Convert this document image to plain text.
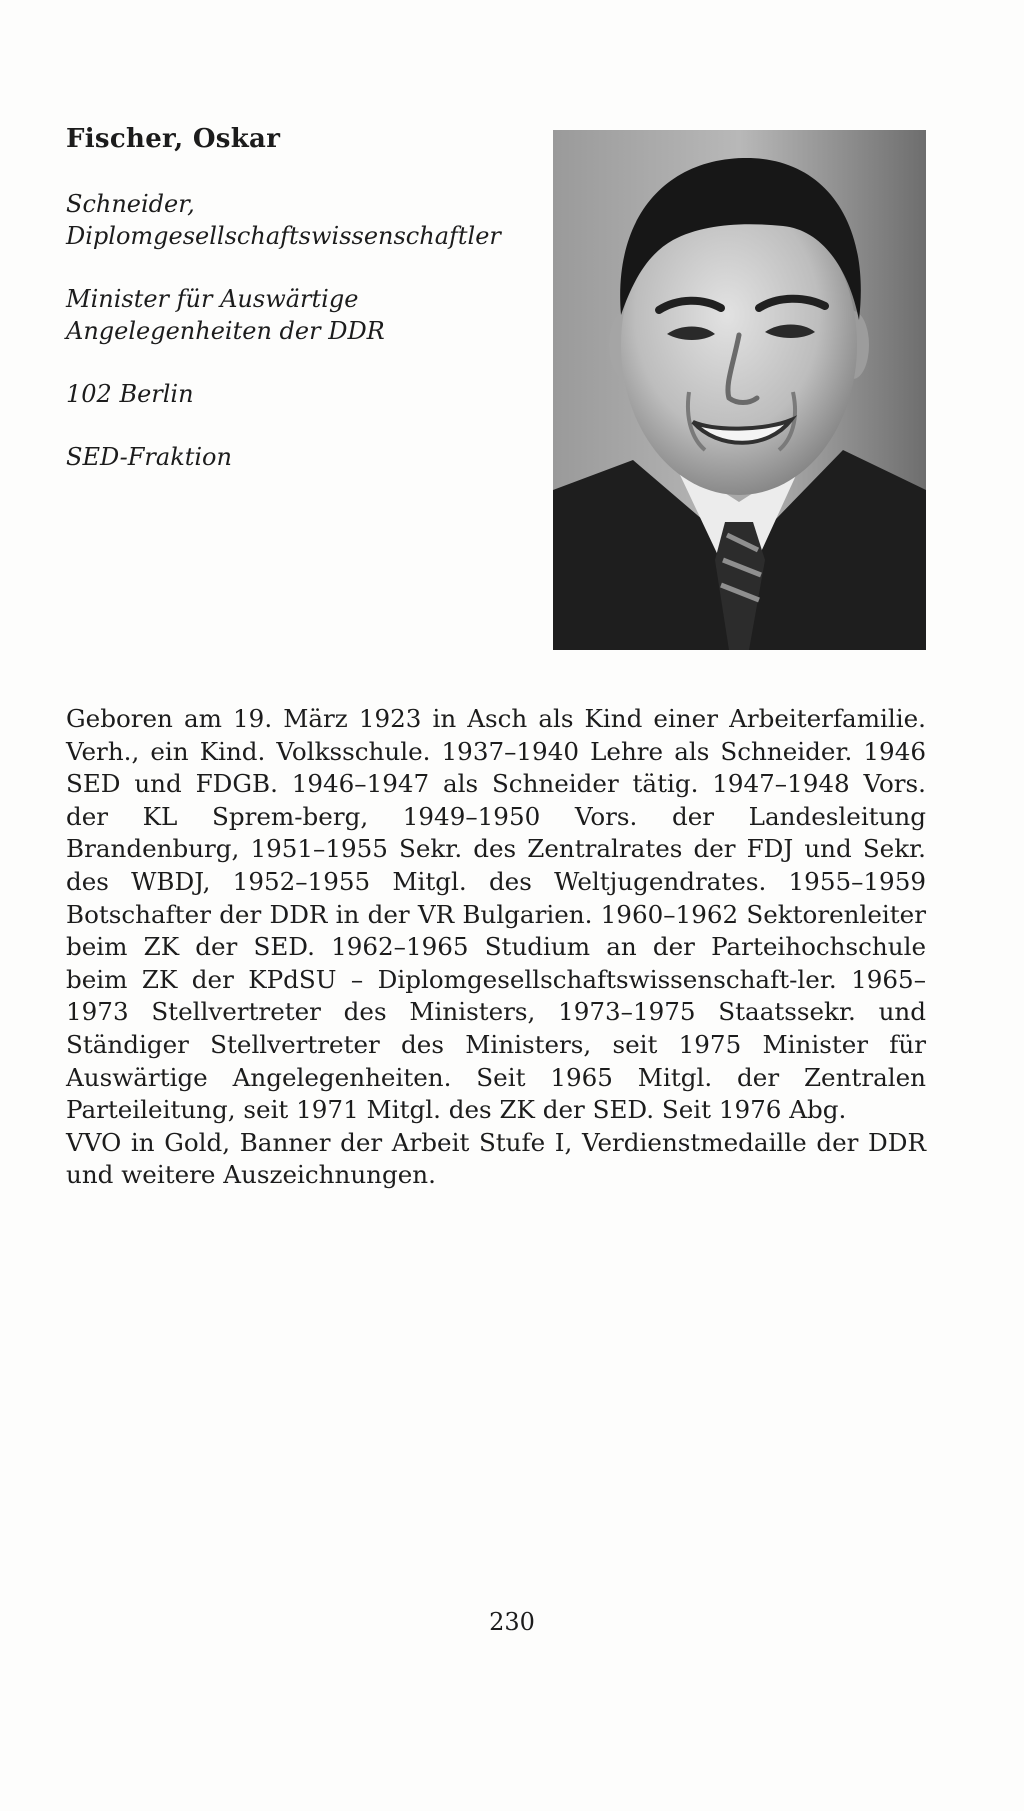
Fischer, Oskar
Schneider,
Diplomgesellschaftswissenschaftler
Minister für Auswärtige
Angelegenheiten der DDR
102 Berlin
SED-Fraktion

Geboren am 19. März 1923 in Asch als Kind einer Arbeiterfamilie. Verh., ein Kind. Volksschule. 1937–1940 Lehre als Schneider. 1946 SED und FDGB. 1946–1947 als Schneider tätig. 1947–1948 Vors. der KL Sprem-berg, 1949–1950 Vors. der Landesleitung Brandenburg, 1951–1955 Sekr. des Zentralrates der FDJ und Sekr. des WBDJ, 1952–1955 Mitgl. des Weltjugendrates. 1955–1959 Botschafter der DDR in der VR Bulgarien. 1960–1962 Sektorenleiter beim ZK der SED. 1962–1965 Studium an der Parteihochschule beim ZK der KPdSU – Diplomgesellschaftswissenschaft-ler. 1965–1973 Stellvertreter des Ministers, 1973–1975 Staatssekr. und Ständiger Stellvertreter des Ministers, seit 1975 Minister für Auswärtige Angelegenheiten. Seit 1965 Mitgl. der Zentralen Parteileitung, seit 1971 Mitgl. des ZK der SED. Seit 1976 Abg.

VVO in Gold, Banner der Arbeit Stufe I, Verdienstmedaille der DDR und weitere Auszeichnungen.

230
